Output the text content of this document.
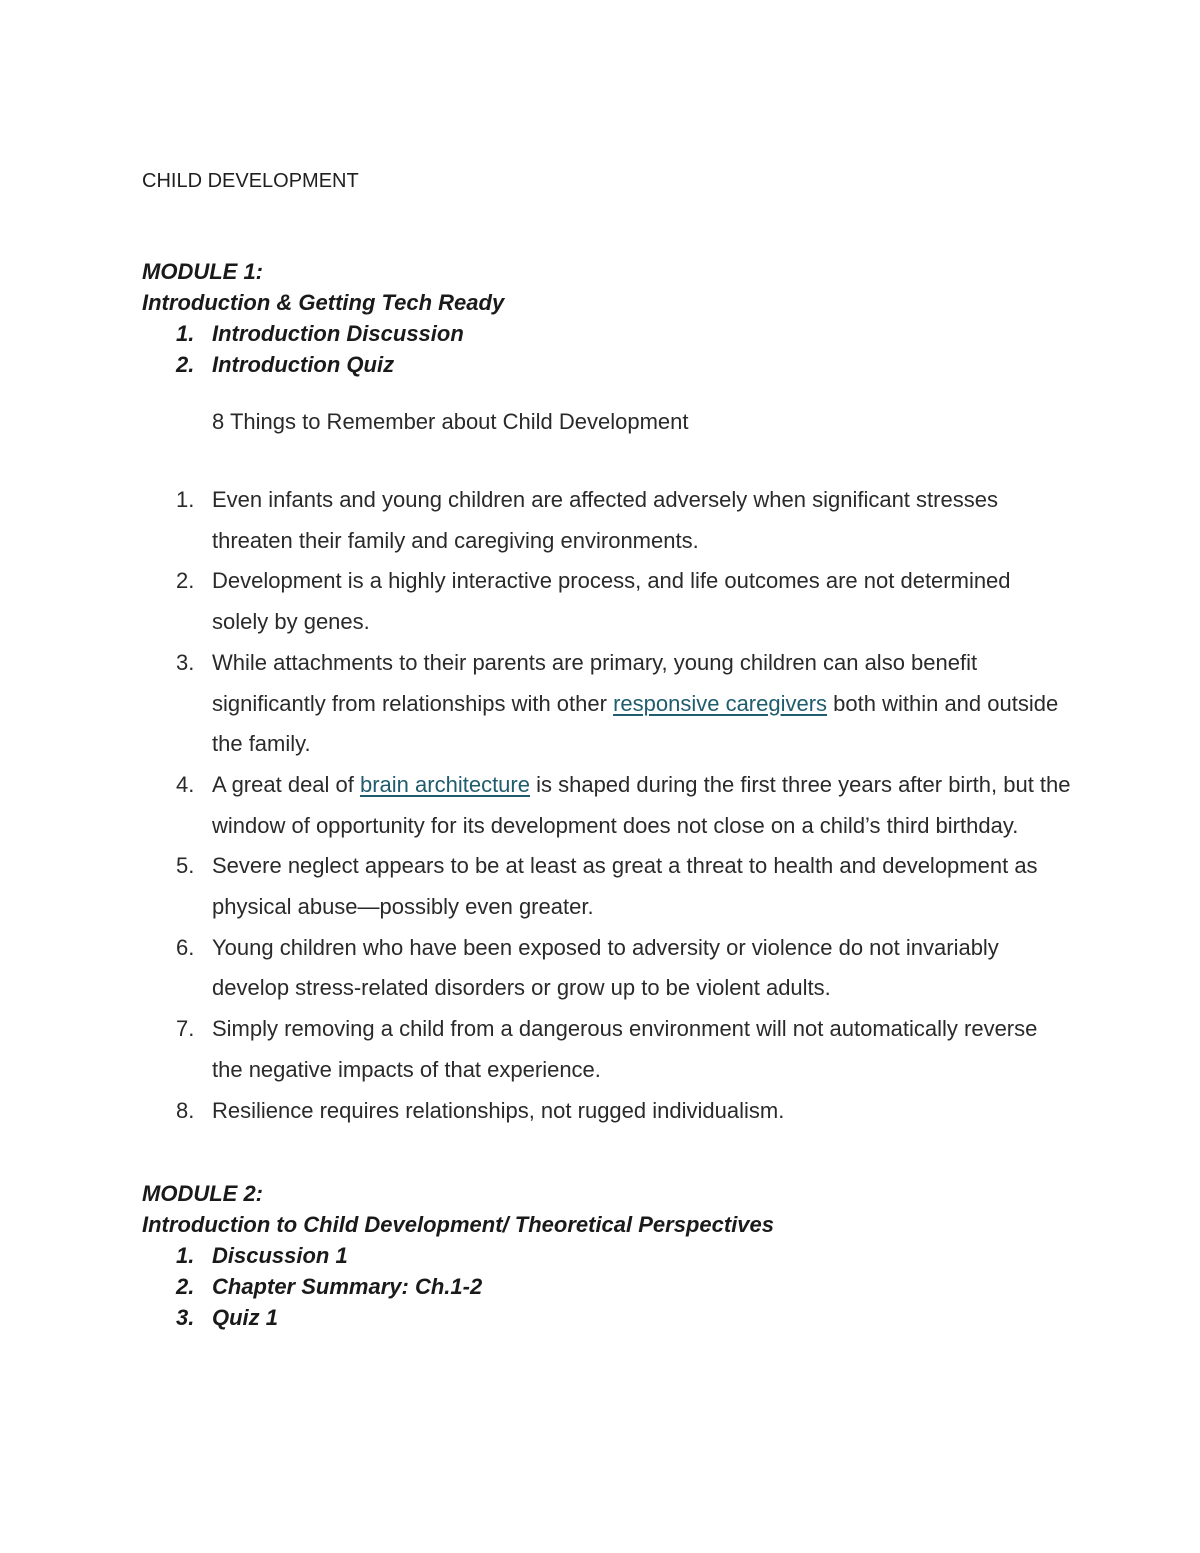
CHILD DEVELOPMENT
MODULE 1:
Introduction & Getting Tech Ready
1. Introduction Discussion
2. Introduction Quiz
8 Things to Remember about Child Development
1. Even infants and young children are affected adversely when significant stresses threaten their family and caregiving environments.
2. Development is a highly interactive process, and life outcomes are not determined solely by genes.
3. While attachments to their parents are primary, young children can also benefit significantly from relationships with other responsive caregivers both within and outside the family.
4. A great deal of brain architecture is shaped during the first three years after birth, but the window of opportunity for its development does not close on a child’s third birthday.
5. Severe neglect appears to be at least as great a threat to health and development as physical abuse—possibly even greater.
6. Young children who have been exposed to adversity or violence do not invariably develop stress-related disorders or grow up to be violent adults.
7. Simply removing a child from a dangerous environment will not automatically reverse the negative impacts of that experience.
8. Resilience requires relationships, not rugged individualism.
MODULE 2:
Introduction to Child Development/ Theoretical Perspectives
1. Discussion 1
2. Chapter Summary: Ch.1-2
3. Quiz 1
